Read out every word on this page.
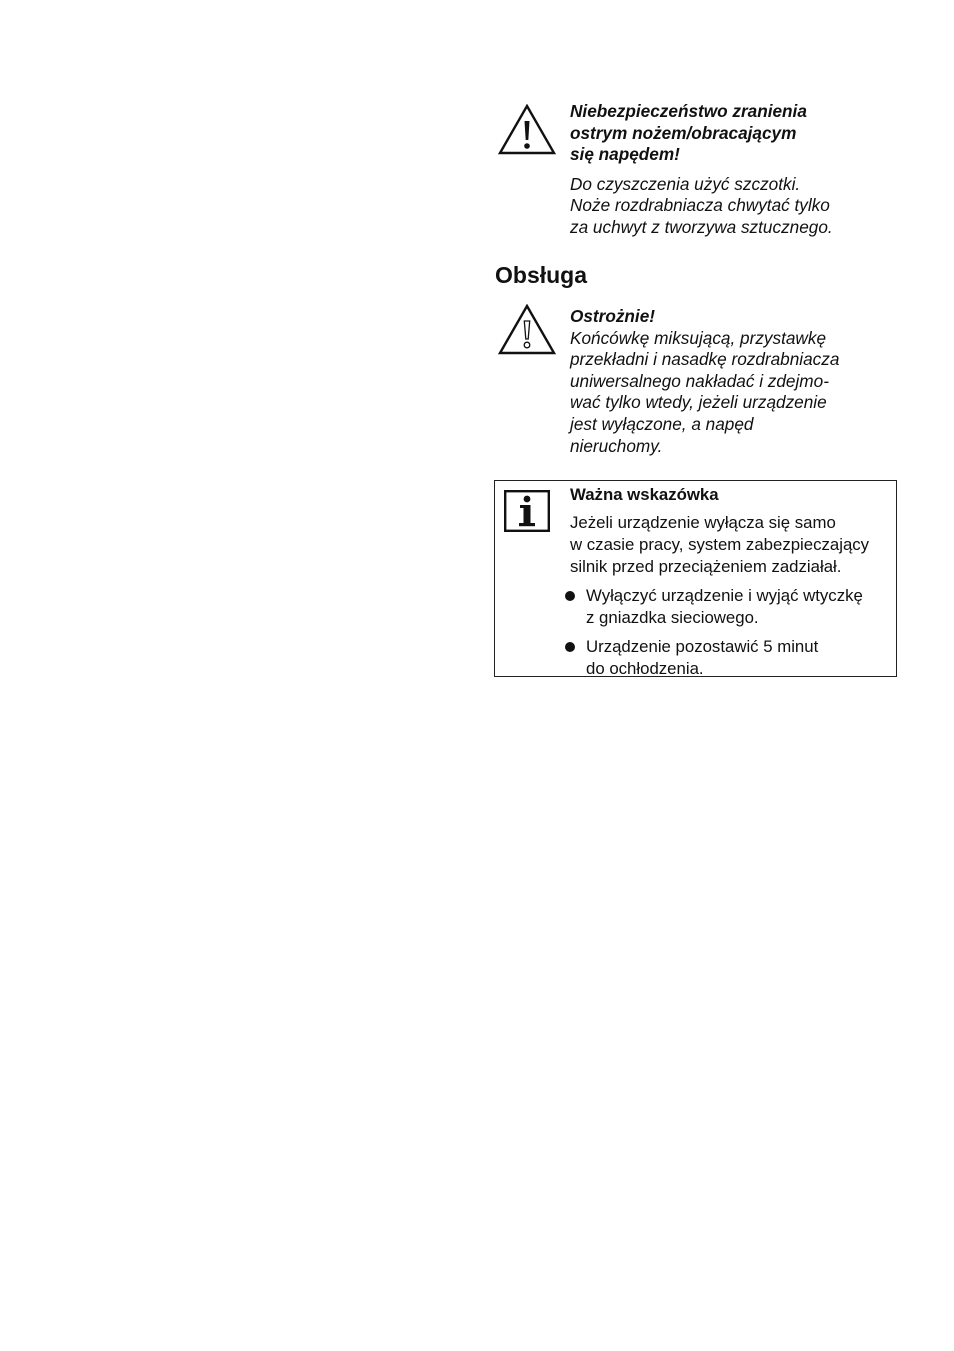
Niebezpieczeństwo zranienia
ostrym nożem/obracającym
się napędem!
Do czyszczenia użyć szczotki.
Noże rozdrabniacza chwytać tylko
za uchwyt z tworzywa sztucznego.
Obsługa
Ostrożnie!
Końcówkę miksującą, przystawkę
przekładni i nasadkę rozdrabniacza
uniwersalnego nakładać i zdejmo-
wać tylko wtedy, jeżeli urządzenie
jest wyłączone, a napęd
nieruchomy.
Ważna wskazówka
Jeżeli urządzenie wyłącza się samo
w czasie pracy, system zabezpieczający
silnik przed przeciążeniem zadziałał.
Wyłączyć urządzenie i wyjąć wtyczkę
z gniazdka sieciowego.
Urządzenie pozostawić 5 minut
do ochłodzenia.
